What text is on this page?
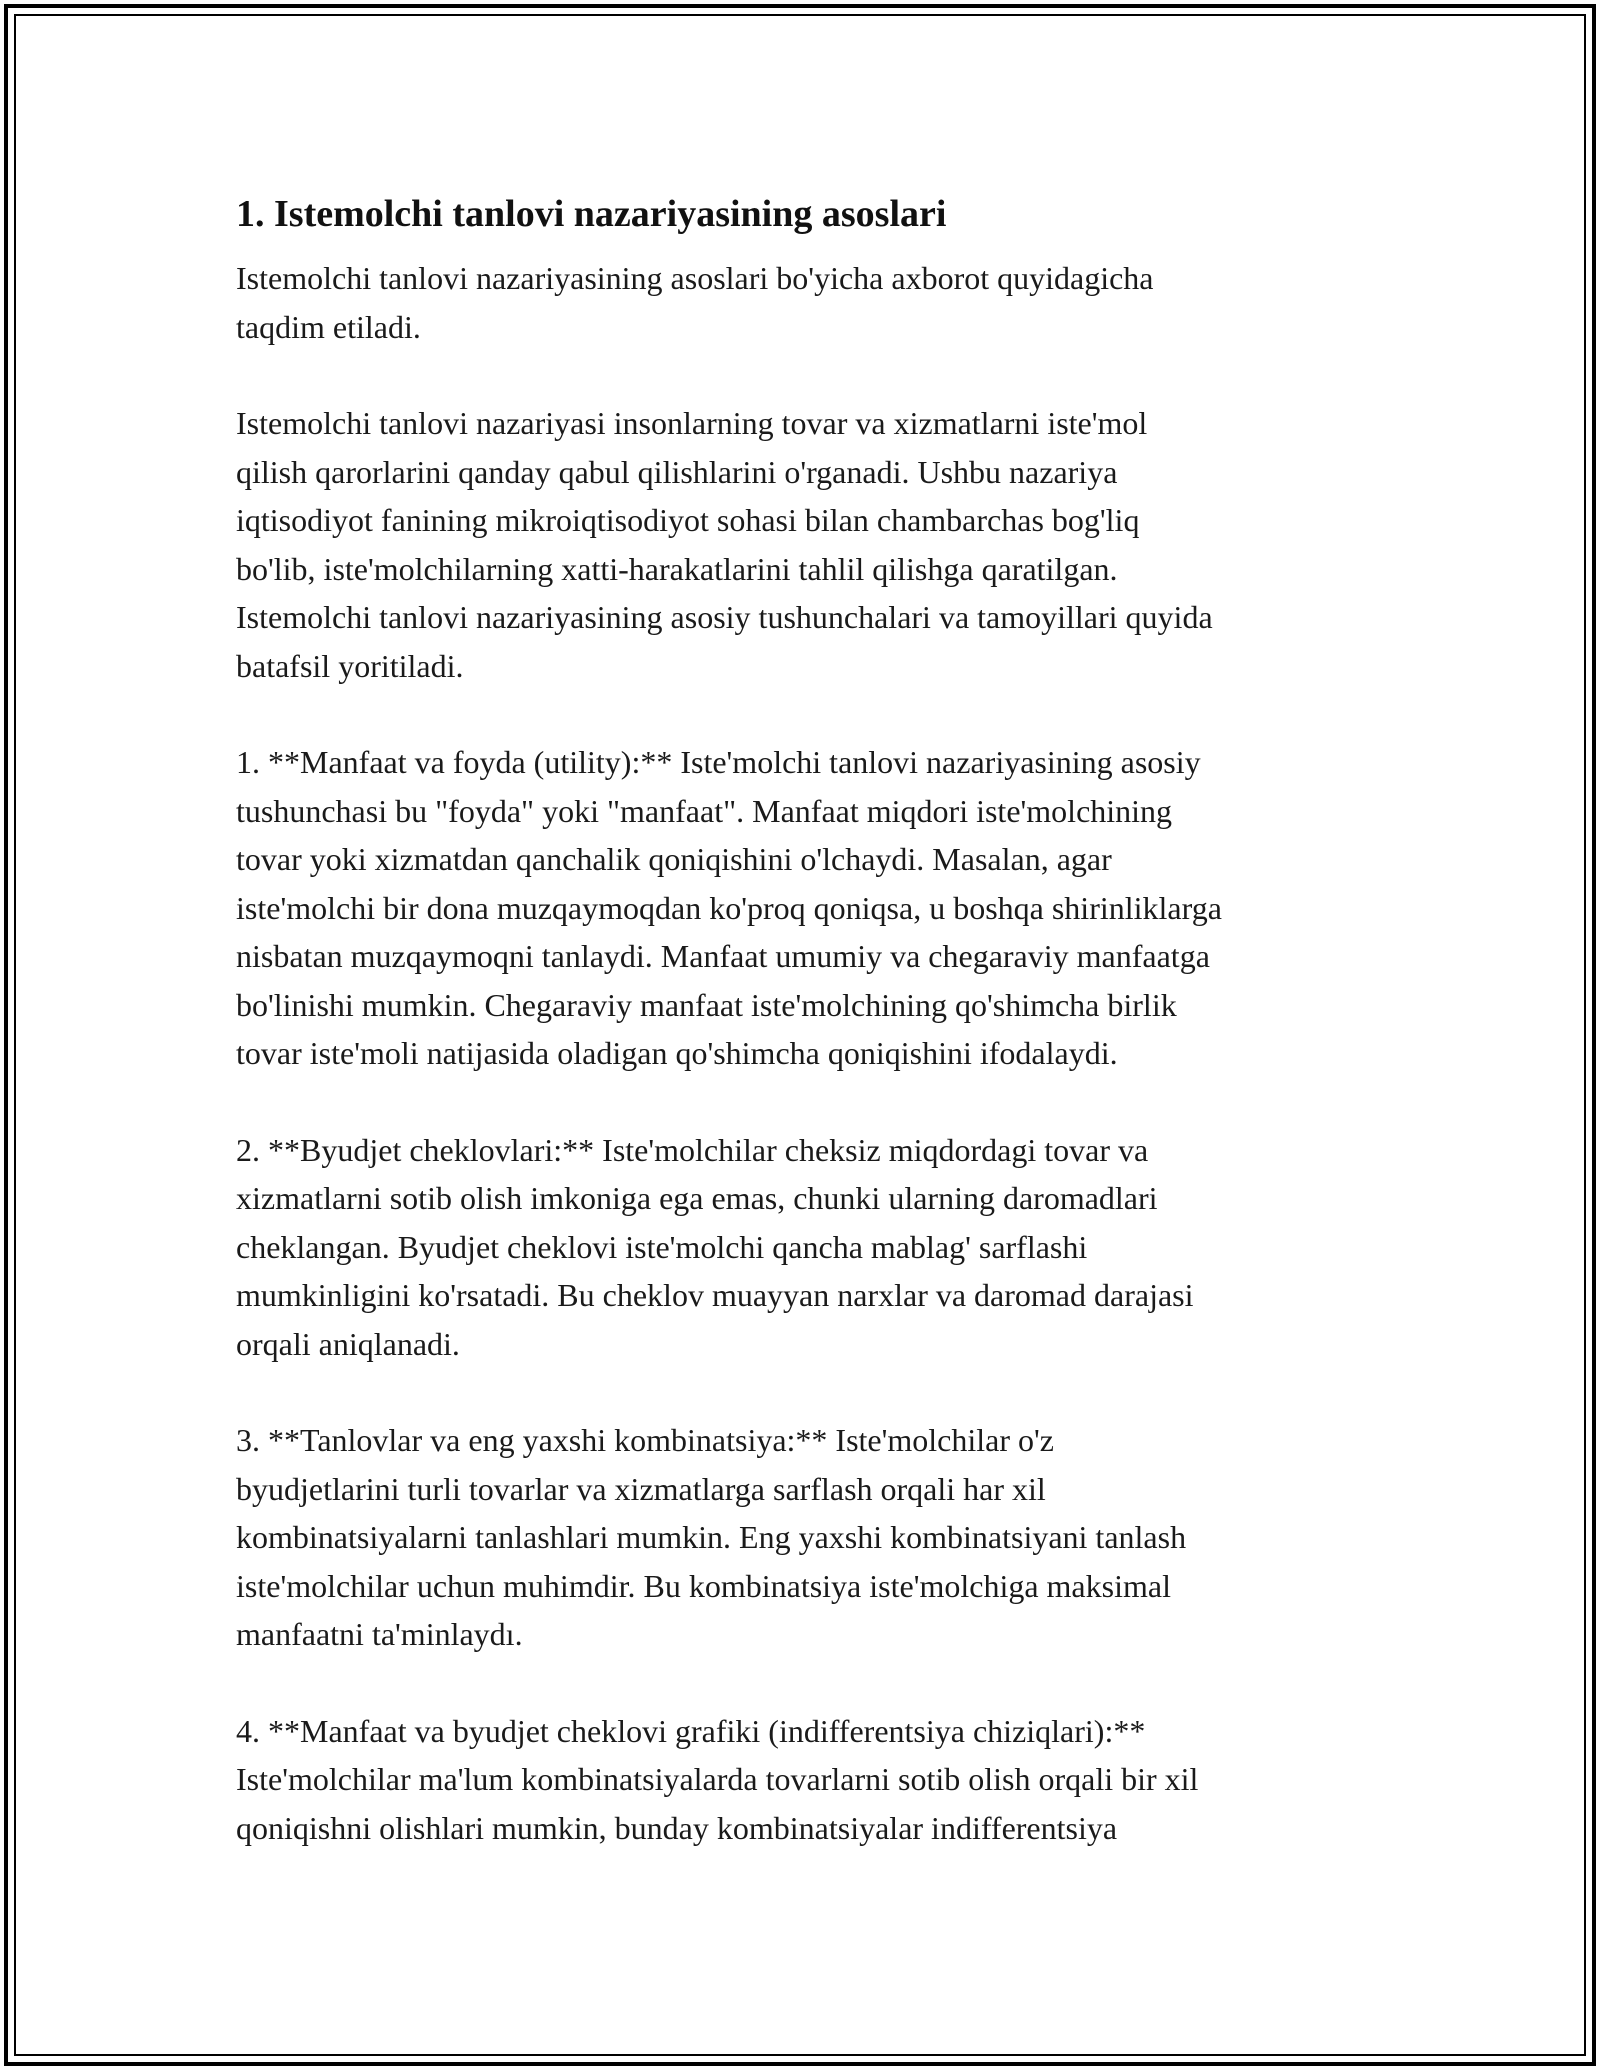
1. Istemolchi tanlovi nazariyasining asoslari

Istemolchi tanlovi nazariyasining asoslari bo'yicha axborot quyidagicha
taqdim etiladi.

Istemolchi tanlovi nazariyasi insonlarning tovar va xizmatlarni iste'mol
qilish qarorlarini qanday qabul qilishlarini o'rganadi. Ushbu nazariya
iqtisodiyot fanining mikroiqtisodiyot sohasi bilan chambarchas bog'liq
bo'lib, iste'molchilarning xatti-harakatlarini tahlil qilishga qaratilgan.
Istemolchi tanlovi nazariyasining asosiy tushunchalari va tamoyillari quyida
batafsil yoritiladi.

1. **Manfaat va foyda (utility):** Iste'molchi tanlovi nazariyasining asosiy
tushunchasi bu "foyda" yoki "manfaat". Manfaat miqdori iste'molchining
tovar yoki xizmatdan qanchalik qoniqishini o'lchaydi. Masalan, agar
iste'molchi bir dona muzqaymoqdan ko'proq qoniqsa, u boshqa shirinliklarga
nisbatan muzqaymoqni tanlaydi. Manfaat umumiy va chegaraviy manfaatga
bo'linishi mumkin. Chegaraviy manfaat iste'molchining qo'shimcha birlik
tovar iste'moli natijasida oladigan qo'shimcha qoniqishini ifodalaydi.

2. **Byudjet cheklovlari:** Iste'molchilar cheksiz miqdordagi tovar va
xizmatlarni sotib olish imkoniga ega emas, chunki ularning daromadlari
cheklangan. Byudjet cheklovi iste'molchi qancha mablag' sarflashi
mumkinligini ko'rsatadi. Bu cheklov muayyan narxlar va daromad darajasi
orqali aniqlanadi.

3. **Tanlovlar va eng yaxshi kombinatsiya:** Iste'molchilar o'z
byudjetlarini turli tovarlar va xizmatlarga sarflash orqali har xil
kombinatsiyalarni tanlashlari mumkin. Eng yaxshi kombinatsiyani tanlash
iste'molchilar uchun muhimdir. Bu kombinatsiya iste'molchiga maksimal
manfaatni ta'minlaydı.

4. **Manfaat va byudjet cheklovi grafiki (indifferentsiya chiziqlari):**
Iste'molchilar ma'lum kombinatsiyalarda tovarlarni sotib olish orqali bir xil
qoniqishni olishlari mumkin, bunday kombinatsiyalar indifferentsiya
